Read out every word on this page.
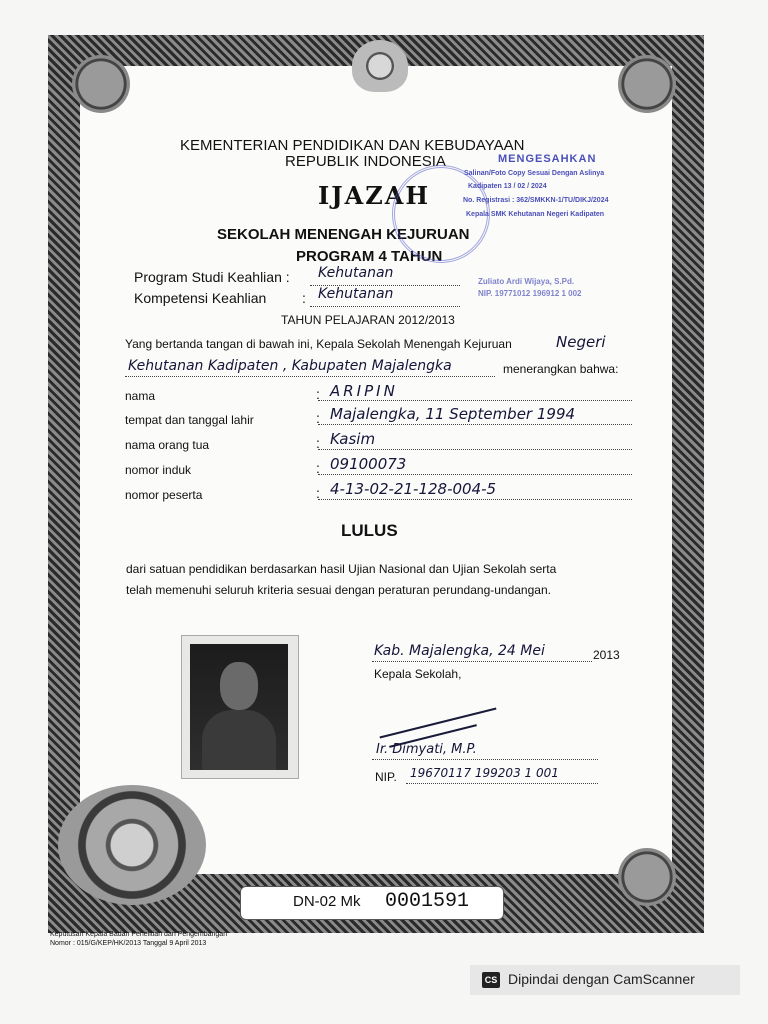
KEMENTERIAN PENDIDIKAN DAN KEBUDAYAAN
REPUBLIK INDONESIA
IJAZAH
SEKOLAH MENENGAH KEJURUAN
PROGRAM 4 TAHUN
MENGESAHKAN
Salinan/Foto Copy Sesuai Dengan Aslinya
Kadipaten 13 / 02 / 2024
No. Registrasi : 362/SMKKN-1/TU/DIKJ/2024
Kepala SMK Kehutanan Negeri Kadipaten
Zuliato Ardi Wijaya, S.Pd.
NIP. 19771012 196912 1 002
Program Studi Keahlian : Kehutanan
Kompetensi Keahlian	: Kehutanan
TAHUN PELAJARAN 2012/2013
Yang bertanda tangan di bawah ini, Kepala Sekolah Menengah Kejuruan	Negeri
Kehutanan Kadipaten , Kabupaten Majalengka	menerangkan bahwa:
nama	: ARIPIN
tempat dan tanggal lahir	: Majalengka, 11 September 1994
nama orang tua	: Kasim
nomor induk	: 09100073
nomor peserta	: 4-13-02-21-128-004-5
LULUS
dari satuan pendidikan berdasarkan hasil Ujian Nasional dan Ujian Sekolah serta
telah memenuhi seluruh kriteria sesuai dengan peraturan perundang-undangan.
Kab. Majalengka, 24 Mei	2013
Kepala Sekolah,
Ir. Dimyati, M.P.
NIP. 19670117 199203 1 001
DN-02 Mk 0001591
Keputusan Kepala Badan Penelitian dan Pengembangan
Nomor : 015/G/KEP/HK/2013 Tanggal 9 April 2013
CS Dipindai dengan CamScanner
